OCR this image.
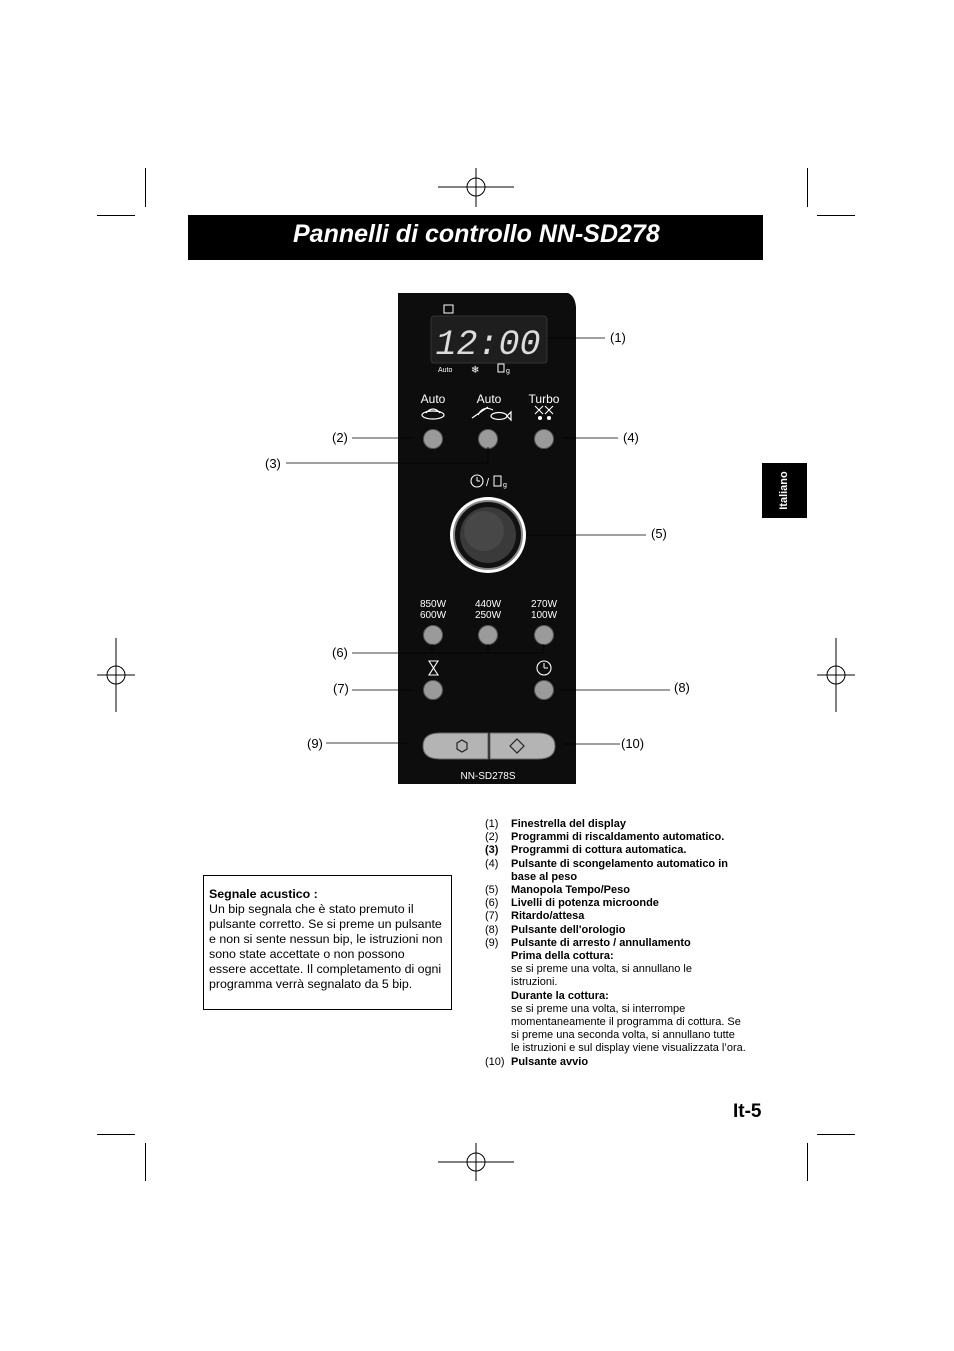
Pannelli di controllo NN-SD278
Italiano
12:00
Auto ❄	g
Auto	Auto Turbo
/ g
850W
600W
440W
250W
270W
100W
NN-SD278S
(1)
(2)
(3)
(4)
(5)
(6)
(7)	(8)
(9)	(10)
(1)	Finestrella del display
(2)	Programmi di riscaldamento automatico.
(3)	Programmi di cottura automatica.
(4)	Pulsante di scongelamento automatico in
base al peso
(5)	Manopola Tempo/Peso
(6)	Livelli di potenza microonde
(7)	Ritardo/attesa
(8)	Pulsante dell'orologio
(9)	Pulsante di arresto / annullamento
Prima della cottura:
se si preme una volta, si annullano le
istruzioni.
Durante la cottura:
se si preme una volta, si interrompe
momentaneamente il programma di cottura. Se
si preme una seconda volta, si annullano tutte
le istruzioni e sul display viene visualizzata l’ora.
(10) Pulsante avvio
Segnale acustico :
Un bip segnala che è stato premuto il
pulsante corretto. Se si preme un pulsante
e non si sente nessun bip, le istruzioni non
sono state accettate o non possono
essere accettate. Il completamento di ogni
programma verrà segnalato da 5 bip.
It-5
